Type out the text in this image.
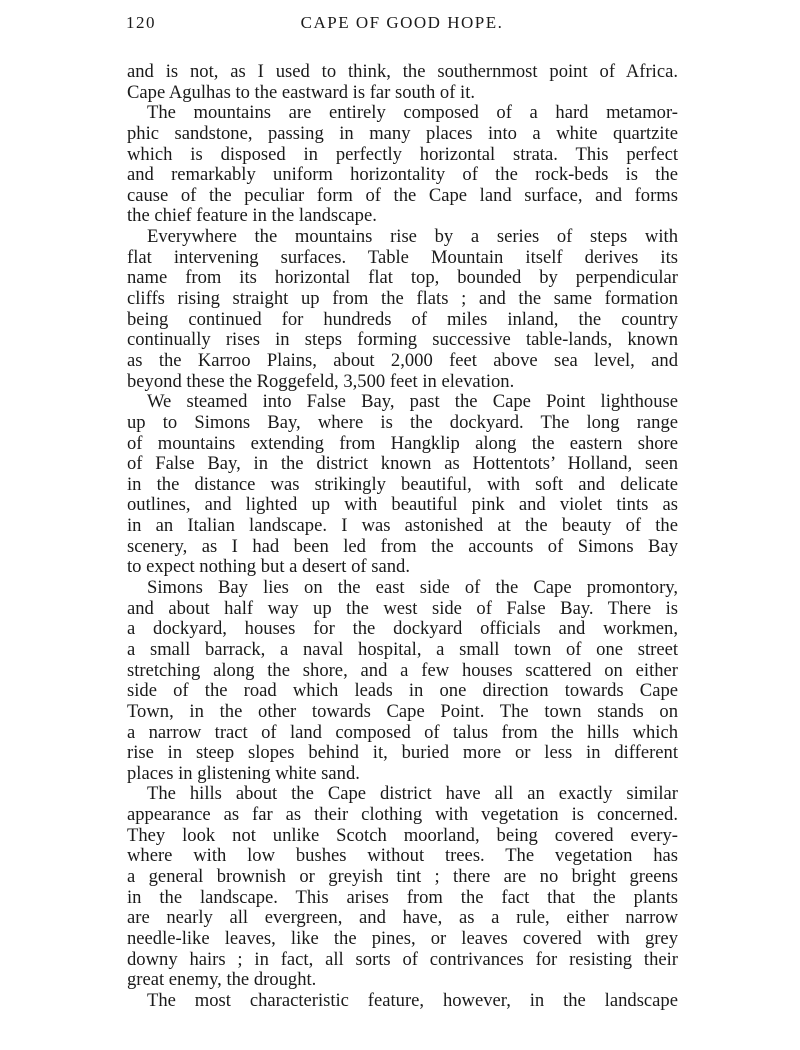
120	CAPE OF GOOD HOPE.
and is not, as I used to think, the southernmost point of Africa.
Cape Agulhas to the eastward is far south of it.
The mountains are entirely composed of a hard metamor-
phic sandstone, passing in many places into a white quartzite
which is disposed in perfectly horizontal strata. This perfect
and remarkably uniform horizontality of the rock-beds is the
cause of the peculiar form of the Cape land surface, and forms
the chief feature in the landscape.
Everywhere the mountains rise by a series of steps with
flat intervening surfaces. Table Mountain itself derives its
name from its horizontal flat top, bounded by perpendicular
cliffs rising straight up from the flats ; and the same formation
being continued for hundreds of miles inland, the country
continually rises in steps forming successive table-lands, known
as the Karroo Plains, about 2,000 feet above sea level, and
beyond these the Roggefeld, 3,500 feet in elevation.
We steamed into False Bay, past the Cape Point lighthouse
up to Simons Bay, where is the dockyard. The long range
of mountains extending from Hangklip along the eastern shore
of False Bay, in the district known as Hottentots’ Holland, seen
in the distance was strikingly beautiful, with soft and delicate
outlines, and lighted up with beautiful pink and violet tints as
in an Italian landscape. I was astonished at the beauty of the
scenery, as I had been led from the accounts of Simons Bay
to expect nothing but a desert of sand.
Simons Bay lies on the east side of the Cape promontory,
and about half way up the west side of False Bay. There is
a dockyard, houses for the dockyard officials and workmen,
a small barrack, a naval hospital, a small town of one street
stretching along the shore, and a few houses scattered on either
side of the road which leads in one direction towards Cape
Town, in the other towards Cape Point. The town stands on
a narrow tract of land composed of talus from the hills which
rise in steep slopes behind it, buried more or less in different
places in glistening white sand.
The hills about the Cape district have all an exactly similar
appearance as far as their clothing with vegetation is concerned.
They look not unlike Scotch moorland, being covered every-
where with low bushes without trees. The vegetation has
a general brownish or greyish tint ; there are no bright greens
in the landscape. This arises from the fact that the plants
are nearly all evergreen, and have, as a rule, either narrow
needle-like leaves, like the pines, or leaves covered with grey
downy hairs ; in fact, all sorts of contrivances for resisting their
great enemy, the drought.
The most characteristic feature, however, in the landscape
